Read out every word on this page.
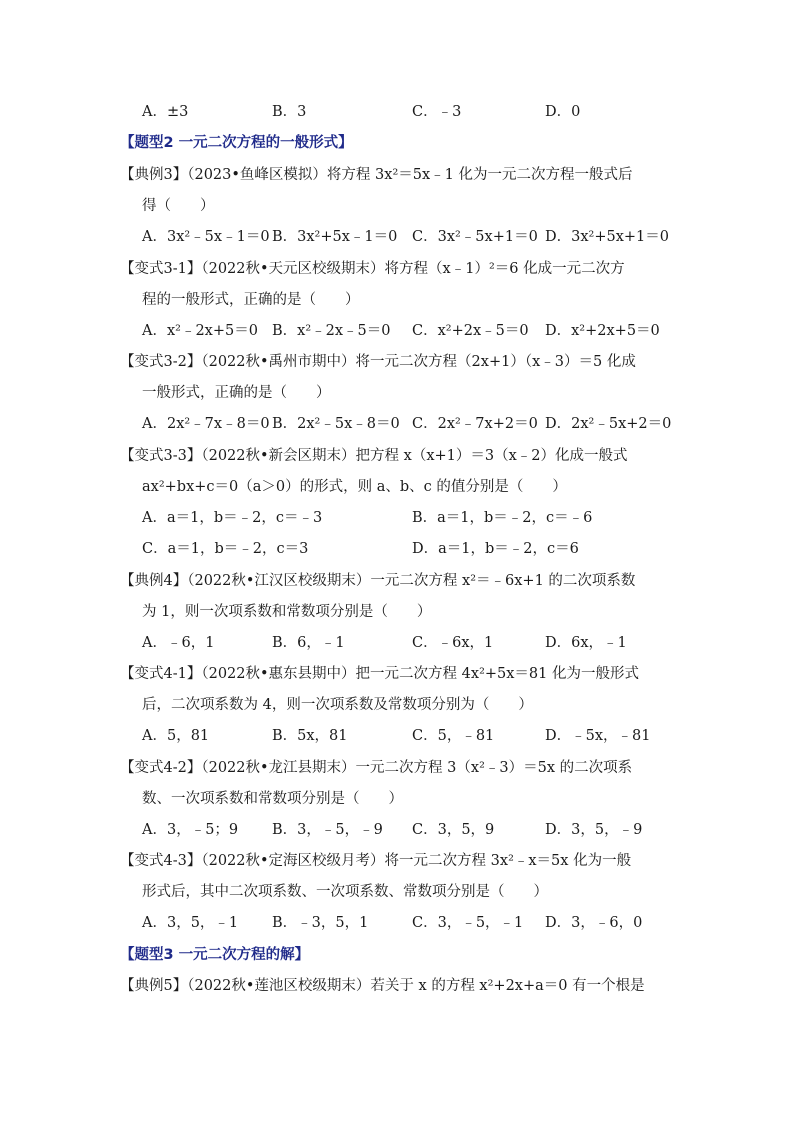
A．±3	B．3	C．﹣3	D．0
【题型2 一元二次方程的一般形式】
【典例3】（2023•鱼峰区模拟）将方程 3x²＝5x﹣1 化为一元二次方程一般式后
得（　　）
A．3x²﹣5x﹣1＝0 B．3x²+5x﹣1＝0 C．3x²﹣5x+1＝0 D．3x²+5x+1＝0
【变式3-1】（2022秋•天元区校级期末）将方程（x﹣1）²＝6 化成一元二次方
程的一般形式，正确的是（　　）
A．x²﹣2x+5＝0 B．x²﹣2x﹣5＝0 C．x²+2x﹣5＝0 D．x²+2x+5＝0
【变式3-2】（2022秋•禹州市期中）将一元二次方程（2x+1）（x﹣3）＝5 化成
一般形式，正确的是（　　）
A．2x²﹣7x﹣8＝0 B．2x²﹣5x﹣8＝0 C．2x²﹣7x+2＝0 D．2x²﹣5x+2＝0
【变式3-3】（2022秋•新会区期末）把方程 x（x+1）＝3（x﹣2）化成一般式
ax²+bx+c＝0（a＞0）的形式，则 a、b、c 的值分别是（　　）
A．a＝1，b＝﹣2，c＝﹣3	B．a＝1，b＝﹣2，c＝﹣6
C．a＝1，b＝﹣2，c＝3	D．a＝1，b＝﹣2，c＝6
【典例4】（2022秋•江汉区校级期末）一元二次方程 x²＝﹣6x+1 的二次项系数
为 1，则一次项系数和常数项分别是（　　）
A．﹣6，1	B．6，﹣1	C．﹣6x，1	D．6x，﹣1
【变式4-1】（2022秋•惠东县期中）把一元二次方程 4x²+5x＝81 化为一般形式
后，二次项系数为 4，则一次项系数及常数项分别为（　　）
A．5，81	B．5x，81	C．5，﹣81	D．﹣5x，﹣81
【变式4-2】（2022秋•龙江县期末）一元二次方程 3（x²﹣3）＝5x 的二次项系
数、一次项系数和常数项分别是（　　）
A．3，﹣5；9 B．3，﹣5，﹣9 C．3，5，9	D．3，5，﹣9
【变式4-3】（2022秋•定海区校级月考）将一元二次方程 3x²﹣x＝5x 化为一般
形式后，其中二次项系数、一次项系数、常数项分别是（　　）
A．3，5，﹣1 B．﹣3，5，1	C．3，﹣5，﹣1 D．3，﹣6，0
【题型3 一元二次方程的解】
【典例5】（2022秋•莲池区校级期末）若关于 x 的方程 x²+2x+a＝0 有一个根是
